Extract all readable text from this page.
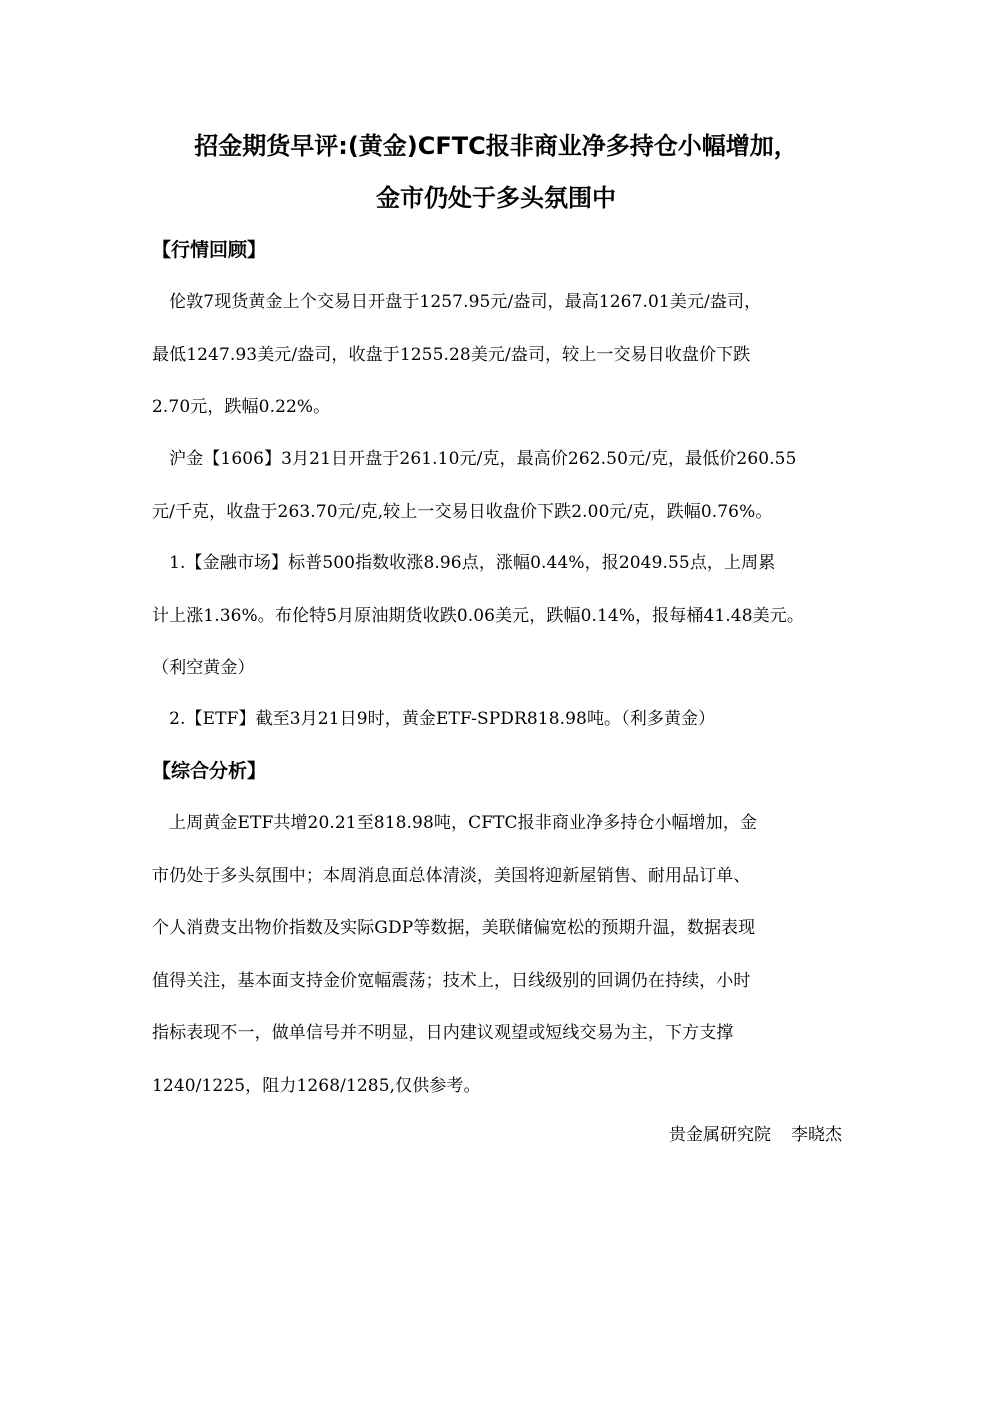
招金期货早评:(黄金)CFTC报非商业净多持仓小幅增加，
金市仍处于多头氛围中
【行情回顾】
　伦敦7现货黄金上个交易日开盘于1257.95元/盎司，最高1267.01美元/盎司，
最低1247.93美元/盎司，收盘于1255.28美元/盎司，较上一交易日收盘价下跌
2.70元，跌幅0.22%。
　沪金【1606】3月21日开盘于261.10元/克，最高价262.50元/克，最低价260.55
元/千克，收盘于263.70元/克,较上一交易日收盘价下跌2.00元/克，跌幅0.76%。
　1.【金融市场】标普500指数收涨8.96点，涨幅0.44%，报2049.55点，上周累
计上涨1.36%。布伦特5月原油期货收跌0.06美元，跌幅0.14%，报每桶41.48美元。
（利空黄金）
　2.【ETF】截至3月21日9时，黄金ETF-SPDR818.98吨。（利多黄金）
【综合分析】
　上周黄金ETF共增20.21至818.98吨，CFTC报非商业净多持仓小幅增加，金
市仍处于多头氛围中；本周消息面总体清淡，美国将迎新屋销售、耐用品订单、
个人消费支出物价指数及实际GDP等数据，美联储偏宽松的预期升温，数据表现
值得关注，基本面支持金价宽幅震荡；技术上，日线级别的回调仍在持续，小时
指标表现不一，做单信号并不明显，日内建议观望或短线交易为主，下方支撑
1240/1225，阻力1268/1285,仅供参考。
贵金属研究院 李晓杰
